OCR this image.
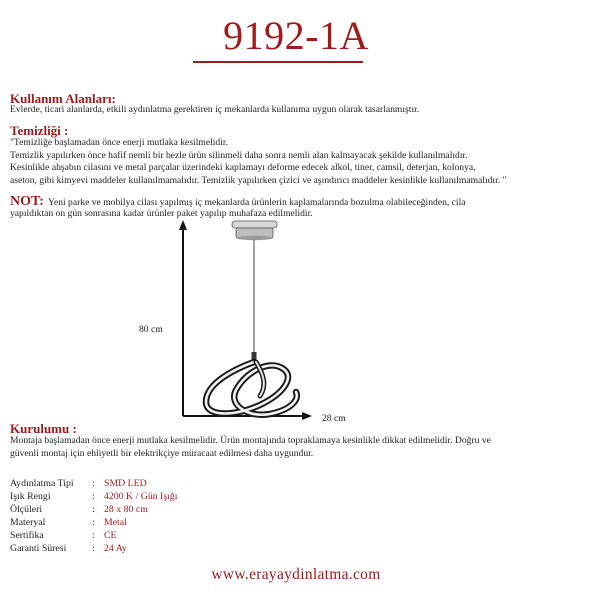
9192-1A
Kullanım Alanları:
Evlerde, ticari alanlarda, etkili aydınlatma gerektiren iç mekanlarda kullanıma uygun olarak tasarlanmıştır.
Temizliği :
"Temizliğe başlamadan önce enerji mutlaka kesilmelidir.
Temizlik yapılırken önce hafif nemli bir bezle ürün silinmeli daha sonra nemli alan kalmayacak şekilde kullanılmalıdır.
Kesinlikle ahşabın cilasını ve metal parçalar üzerindeki kaplamayı deforme edecek alkol, tiner, camsil, deterjan, kolonya,
aseton, gibi kimyevi maddeler kullanılmamalıdır. Temizlik yapılırken çizici ve aşındırıcı maddeler kesinlikle kullanılmamalıdır. "
NOT: Yeni parke ve mobilya cilası yapılmış iç mekanlarda ürünlerin kaplamalarında bozulma olabileceğinden, cila
yapıldıktan on gün sonrasına kadar ürünler paket yapılıp muhafaza edilmelidir.
80 cm
28 cm
Kurulumu :
Montaja başlamadan önce enerji mutlaka kesilmelidir. Ürün montajında topraklamaya kesinlikle dikkat edilmelidir. Doğru ve
güvenli montaj için ehliyetli bir elektrikçiye müracaat edilmesi daha uygundur.
Aydınlatma Tipi : SMD LED
Işık Rengi	: 4200 K / Gün Işığı
Ölçüleri	: 28 x 80 cm
Materyal	: Metal
Sertifika	: CE
Garanti Süresi	: 24 Ay
www.erayaydinlatma.com
